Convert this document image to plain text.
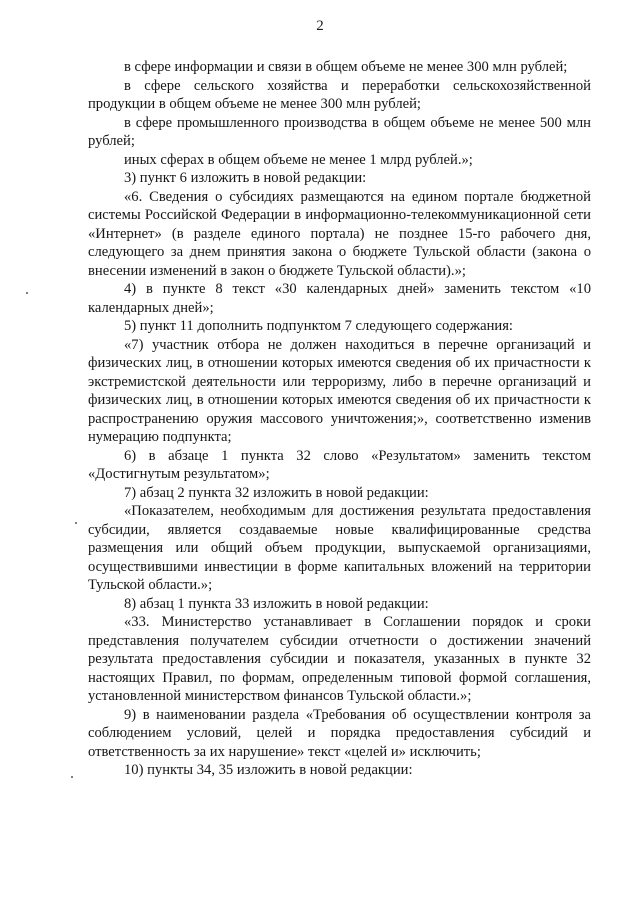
2

в сфере информации и связи в общем объеме не менее 300 млн рублей;

в сфере сельского хозяйства и переработки сельскохозяйственной продукции в общем объеме не менее 300 млн рублей;

в сфере промышленного производства в общем объеме не менее 500 млн рублей;

иных сферах в общем объеме не менее 1 млрд рублей.»;

3) пункт 6 изложить в новой редакции:

«6. Сведения о субсидиях размещаются на едином портале бюджетной системы Российской Федерации в информационно-телекоммуникационной сети «Интернет» (в разделе единого портала) не позднее 15-го рабочего дня, следующего за днем принятия закона о бюджете Тульской области (закона о внесении изменений в закон о бюджете Тульской области).»;

4) в пункте 8 текст «30 календарных дней» заменить текстом «10 календарных дней»;

5) пункт 11 дополнить подпунктом 7 следующего содержания:

«7) участник отбора не должен находиться в перечне организаций и физических лиц, в отношении которых имеются сведения об их причастности к экстремистской деятельности или терроризму, либо в перечне организаций и физических лиц, в отношении которых имеются сведения об их причастности к распространению оружия массового уничтожения;», соответственно изменив нумерацию подпункта;

6) в абзаце 1 пункта 32 слово «Результатом» заменить текстом «Достигнутым результатом»;

7) абзац 2 пункта 32 изложить в новой редакции:

«Показателем, необходимым для достижения результата предоставления субсидии, является создаваемые новые квалифицированные средства размещения или общий объем продукции, выпускаемой организациями, осуществившими инвестиции в форме капитальных вложений на территории Тульской области.»;

8) абзац 1 пункта 33 изложить в новой редакции:

«33. Министерство устанавливает в Соглашении порядок и сроки представления получателем субсидии отчетности о достижении значений результата предоставления субсидии и показателя, указанных в пункте 32 настоящих Правил, по формам, определенным типовой формой соглашения, установленной министерством финансов Тульской области.»;

9) в наименовании раздела «Требования об осуществлении контроля за соблюдением условий, целей и порядка предоставления субсидий и ответственность за их нарушение» текст «целей и» исключить;

10) пункты 34, 35 изложить в новой редакции:
